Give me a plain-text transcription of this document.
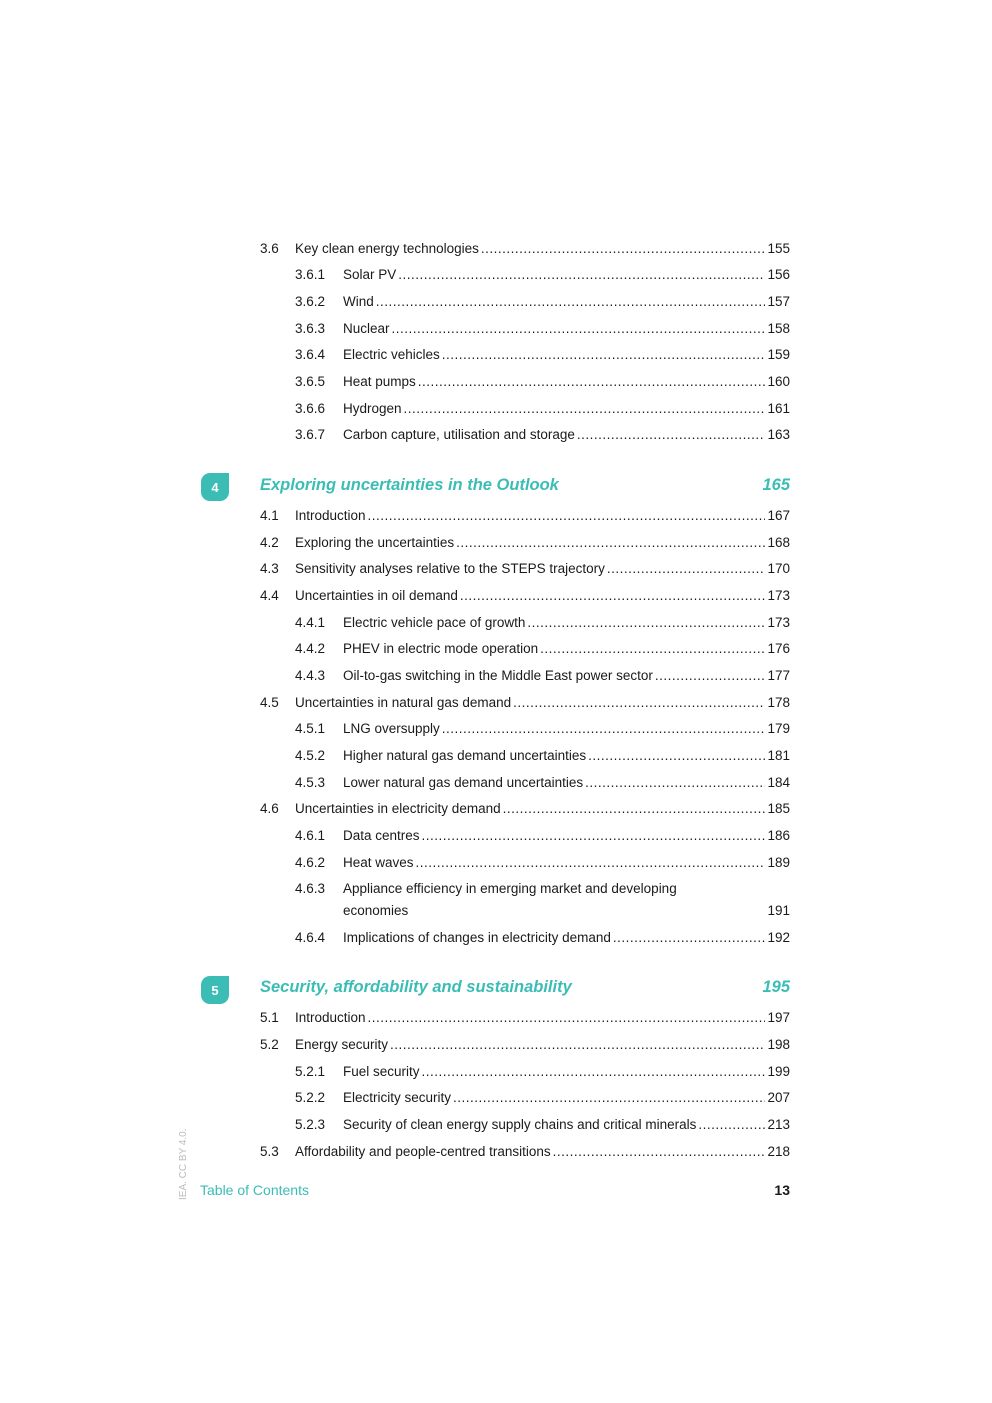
3.6	Key clean energy technologies .....	155
3.6.1	Solar PV .....	156
3.6.2	Wind .....	157
3.6.3	Nuclear .....	158
3.6.4	Electric vehicles .....	159
3.6.5	Heat pumps .....	160
3.6.6	Hydrogen .....	161
3.6.7	Carbon capture, utilisation and storage .....	163
4	Exploring uncertainties in the Outlook	165
4.1	Introduction .....	167
4.2	Exploring the uncertainties .....	168
4.3	Sensitivity analyses relative to the STEPS trajectory .....	170
4.4	Uncertainties in oil demand .....	173
4.4.1	Electric vehicle pace of growth .....	173
4.4.2	PHEV in electric mode operation .....	176
4.4.3	Oil-to-gas switching in the Middle East power sector .....	177
4.5	Uncertainties in natural gas demand .....	178
4.5.1	LNG oversupply .....	179
4.5.2	Higher natural gas demand uncertainties .....	181
4.5.3	Lower natural gas demand uncertainties .....	184
4.6	Uncertainties in electricity demand .....	185
4.6.1	Data centres .....	186
4.6.2	Heat waves .....	189
4.6.3	Appliance efficiency in emerging market and developing
economies	191
4.6.4	Implications of changes in electricity demand .....	192
5	Security, affordability and sustainability	195
5.1	Introduction .....	197
5.2	Energy security .....	198
5.2.1	Fuel security .....	199
5.2.2	Electricity security .....	207
5.2.3	Security of clean energy supply chains and critical minerals .....	213
5.3	Affordability and people-centred transitions .....	218
IEA. CC BY 4.0. Table of Contents	13
